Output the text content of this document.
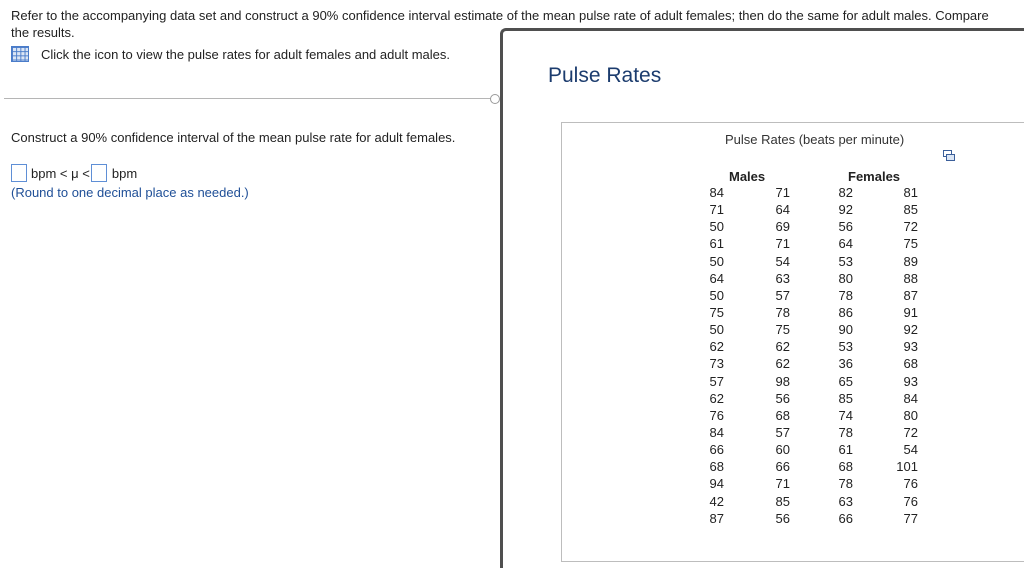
Refer to the accompanying data set and construct a 90% confidence interval estimate of the mean pulse rate of adult females; then do the same for adult males. Compare the results.
Click the icon to view the pulse rates for adult females and adult males.
Construct a 90% confidence interval of the mean pulse rate for adult females.
bpm
<
μ
< bpm
(Round to one decimal place as needed.)
Pulse Rates
Pulse Rates (beats per minute)
Males	Females
84
71
50
61
50
64
50
75
50
62
73
57
62
76
84
66
68
94
42
87
71
64
69
71
54
63
57
78
75
62
62
98
56
68
57
60
66
71
85
56
82
92
56
64
53
80
78
86
90
53
36
65
85
74
78
61
68
78
63
66
81
85
72
75
89
88
87
91
92
93
68
93
84
80
72
54
101
76
76
77
